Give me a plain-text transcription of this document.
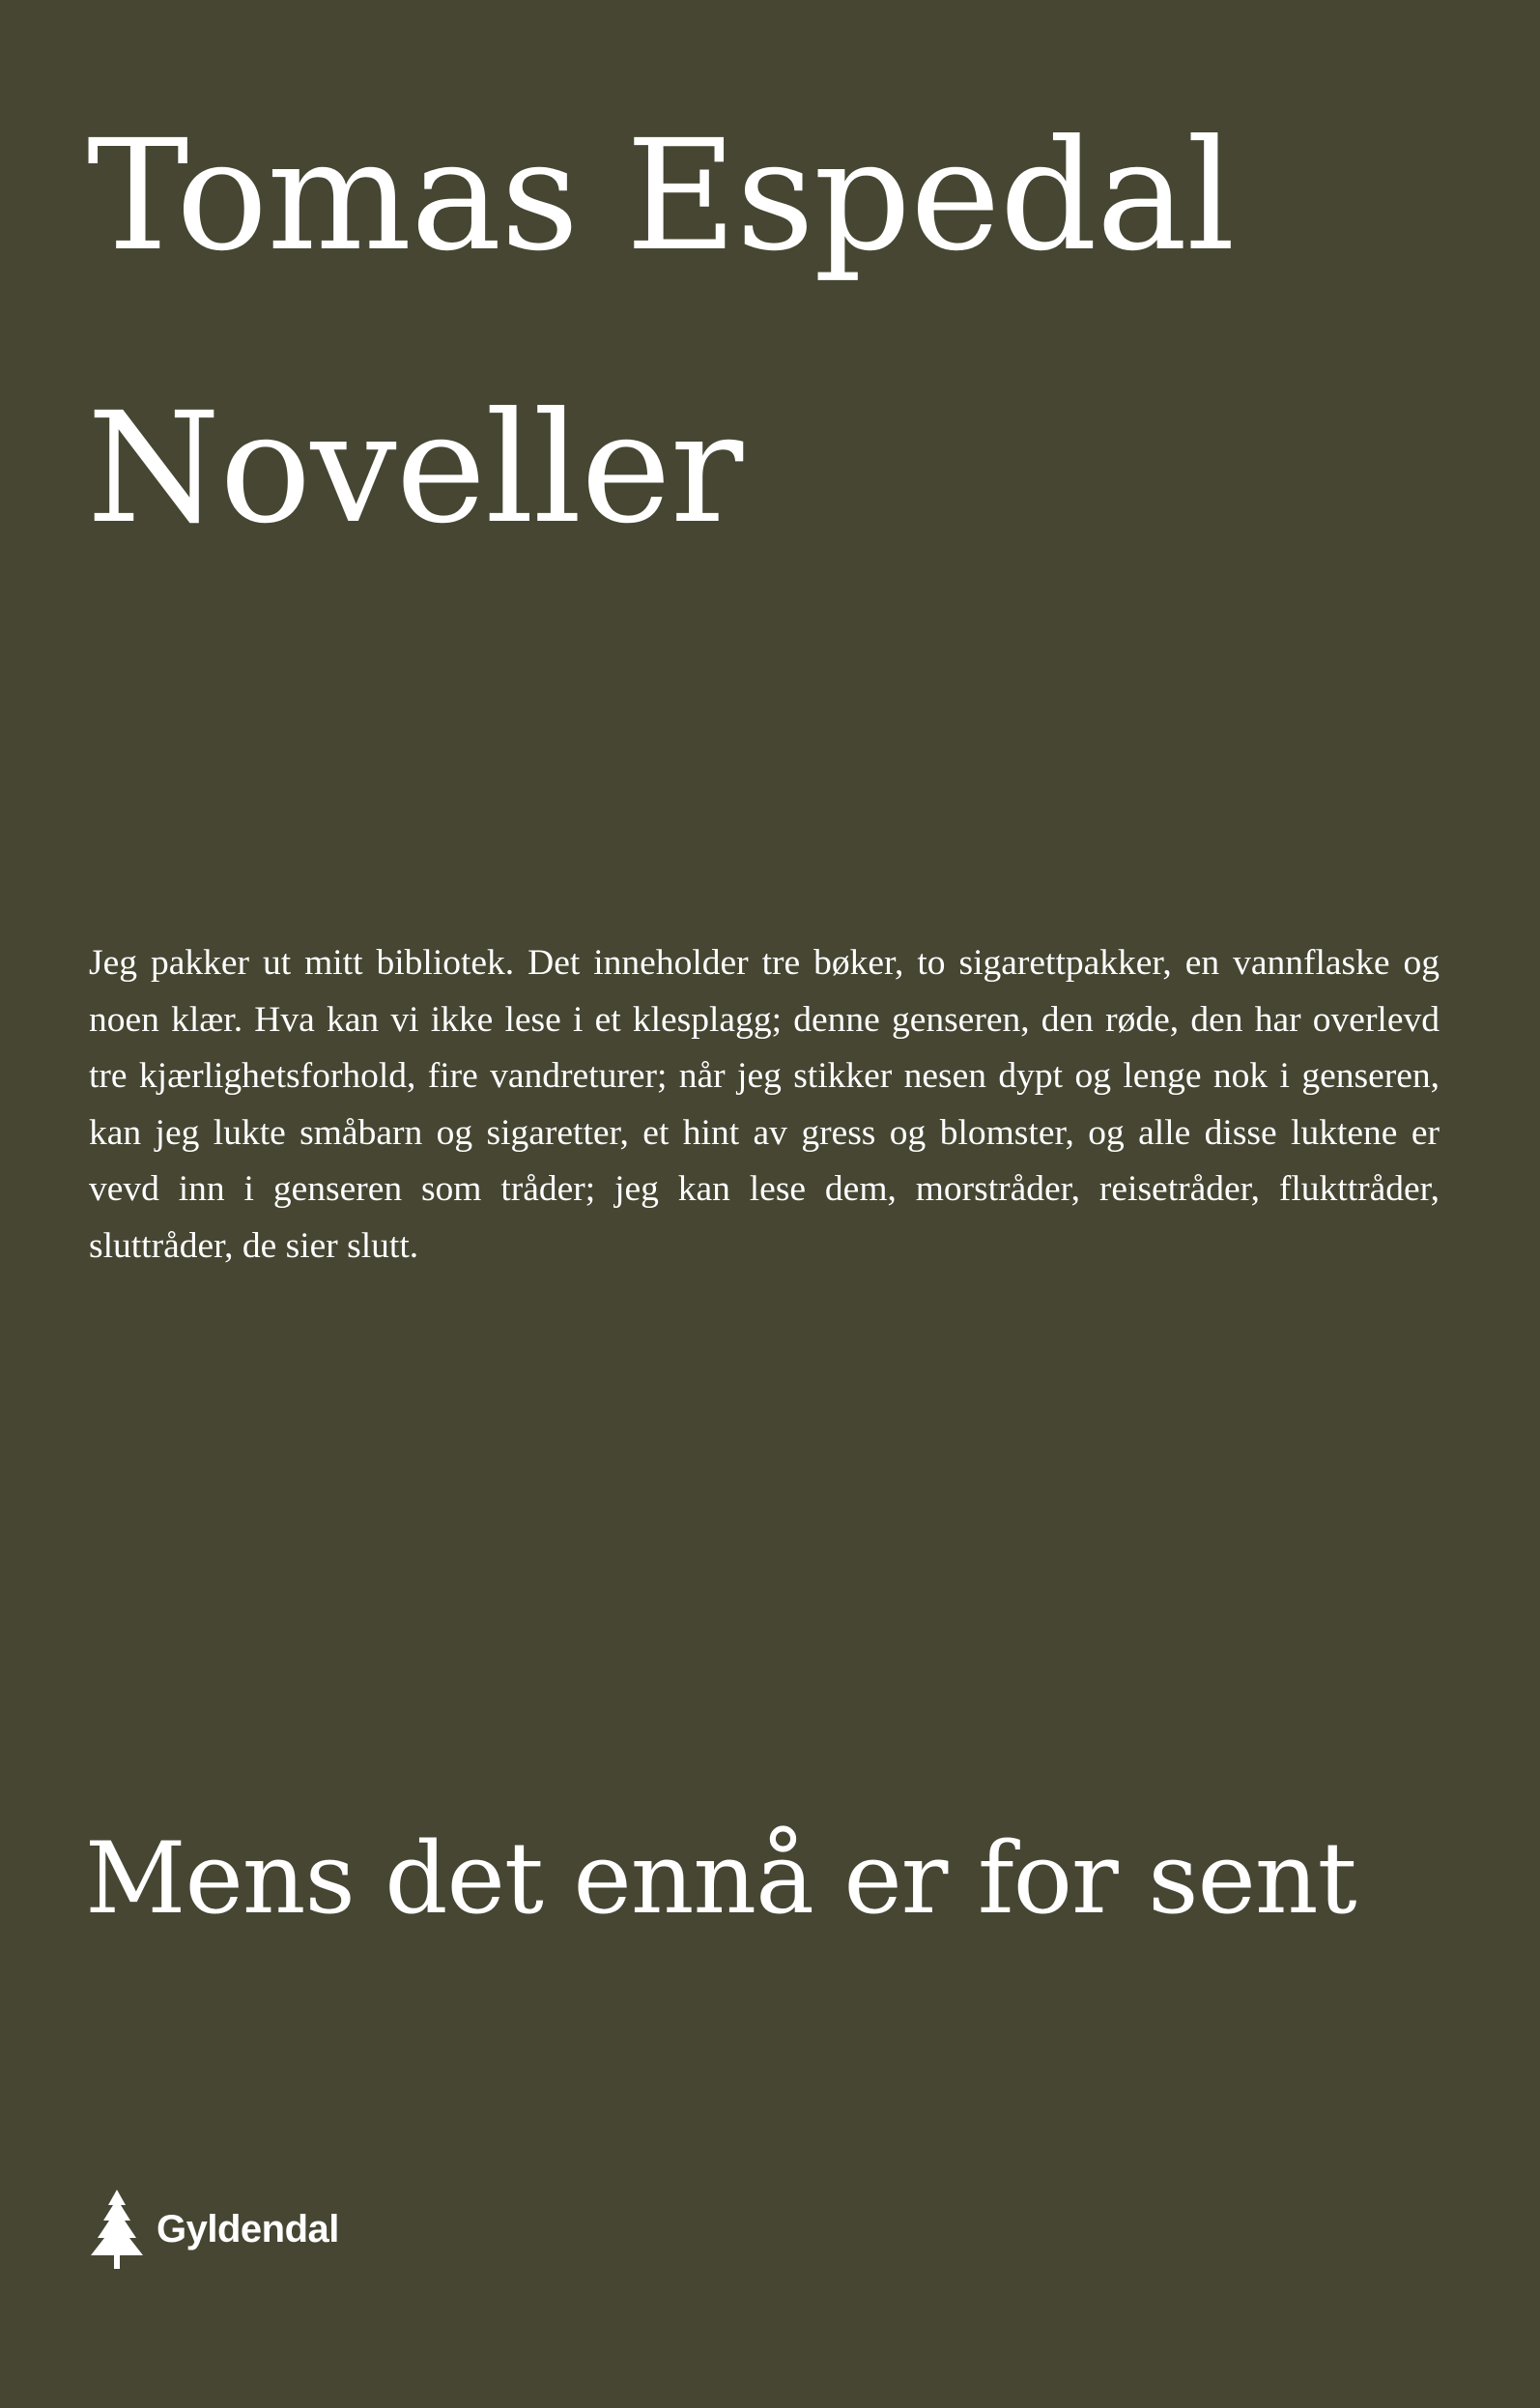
Tomas Espedal
Noveller

Jeg pakker ut mitt bibliotek. Det inneholder tre bøker, to sigarettpakker, en vannflaske og noen klær. Hva kan vi ikke lese i et klesplagg; denne genseren, den røde, den har overlevd tre kjærlighetsforhold, fire vandreturer; når jeg stikker nesen dypt og lenge nok i genseren, kan jeg lukte småbarn og sigaretter, et hint av gress og blomster, og alle disse luktene er vevd inn i genseren som tråder; jeg kan lese dem, morstråder, reisetråder, flukttråder, sluttråder, de sier slutt.

Mens det ennå er for sent
Gyldendal
